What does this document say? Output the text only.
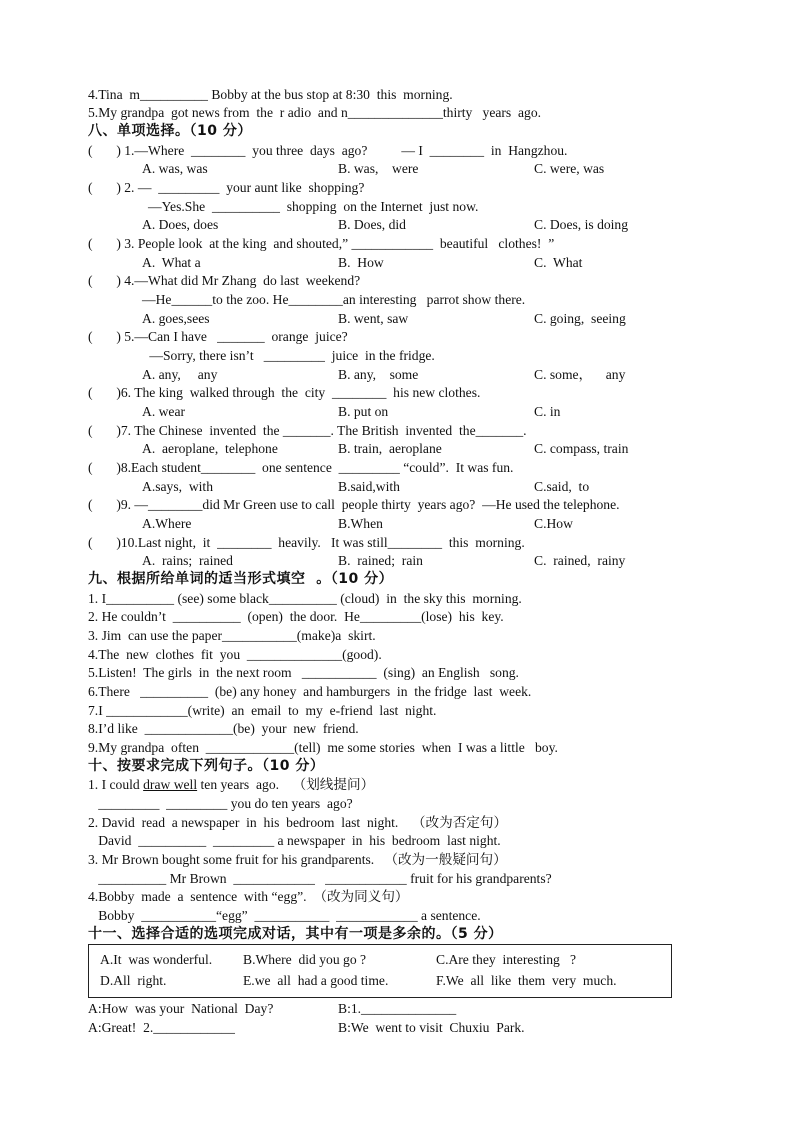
4.Tina  m__________ Bobby at the bus stop at 8:30  this  morning.
5.My grandpa  got news from  the  r adio  and n______________thirty   years  ago.
八、单项选择。（10 分）
(       ) 1.—Where  ________  you three  days  ago?          — I  ________  in  Hangzhou.
A. was, was	B. was,    were	C. were, was
(       ) 2. —  _________  your aunt like  shopping?
—Yes.She  __________  shopping  on the Internet  just now.
A. Does, does	B. Does, did	C. Does, is doing
(       ) 3. People look  at the king  and shouted,” ____________  beautiful   clothes!  ”
A.  What a	B.  How	C.  What
(       ) 4.—What did Mr Zhang  do last  weekend?
—He______to the zoo. He________an interesting   parrot show there.
A. goes,sees	B. went, saw	C. going,  seeing
(       ) 5.—Can I have   _______  orange  juice?
—Sorry, there isn’t   _________  juice  in the fridge.
A. any,     any	B. any,    some	C. some，    any
(       )6. The king  walked through  the  city  ________  his new clothes.
A. wear	B. put on	C. in
(       )7. The Chinese  invented  the _______. The British  invented  the_______.
A.  aeroplane,  telephone	B. train,  aeroplane	C. compass, train
(       )8.Each student________  one sentence  _________ “could”.  It was fun.
A.says,  with	B.said,with	C.said,  to
(       )9. —________did Mr Green use to call  people thirty  years ago?  —He used the telephone.
A.Where	B.When	C.How
(       )10.Last night,  it  ________  heavily.   It was still________  this  morning.
A.  rains;  rained	B.  rained;  rain	C.  rained,  rainy
九、根据所给单词的适当形式填空  。（10 分）
1. I__________ (see) some black__________ (cloud)  in  the sky this  morning.
2. He couldn’t  __________  (open)  the door.  He_________(lose)  his  key.
3. Jim  can use the paper___________(make)a  skirt.
4.The  new  clothes  fit  you  ______________(good).
5.Listen!  The girls  in  the next room   ___________  (sing)  an English   song.
6.There   __________  (be) any honey  and hamburgers  in  the fridge  last  week.
7.I ____________(write)  an  email  to  my  e-friend  last  night.
8.I’d like  _____________(be)  your  new  friend.
9.My grandpa  often  _____________(tell)  me some stories  when  I was a little   boy.
十、按要求完成下列句子。（10 分）
1. I could draw well ten years  ago.    （划线提问）
_________  _________ you do ten years  ago?
2. David  read  a newspaper  in  his  bedroom  last  night.    （改为否定句）
David  __________  _________ a newspaper  in  his  bedroom  last night.
3. Mr Brown bought some fruit for his grandparents.   （改为一般疑问句）
__________ Mr Brown  ____________   ____________ fruit for his grandparents?
4.Bobby  made  a  sentence  with “egg”.  （改为同义句）
Bobby  ___________“egg”  ___________  ____________ a sentence.
十一、选择合适的选项完成对话，其中有一项是多余的。（5 分）
A.It  was wonderful. B.Where  did you go ?	C.Are they  interesting   ?
D.All  right.	E.we  all  had a good time.	F.We  all  like  them  very  much.
A:How  was your  National  Day?	B:1.______________
A:Great!  2.____________	B:We  went to visit  Chuxiu  Park.
